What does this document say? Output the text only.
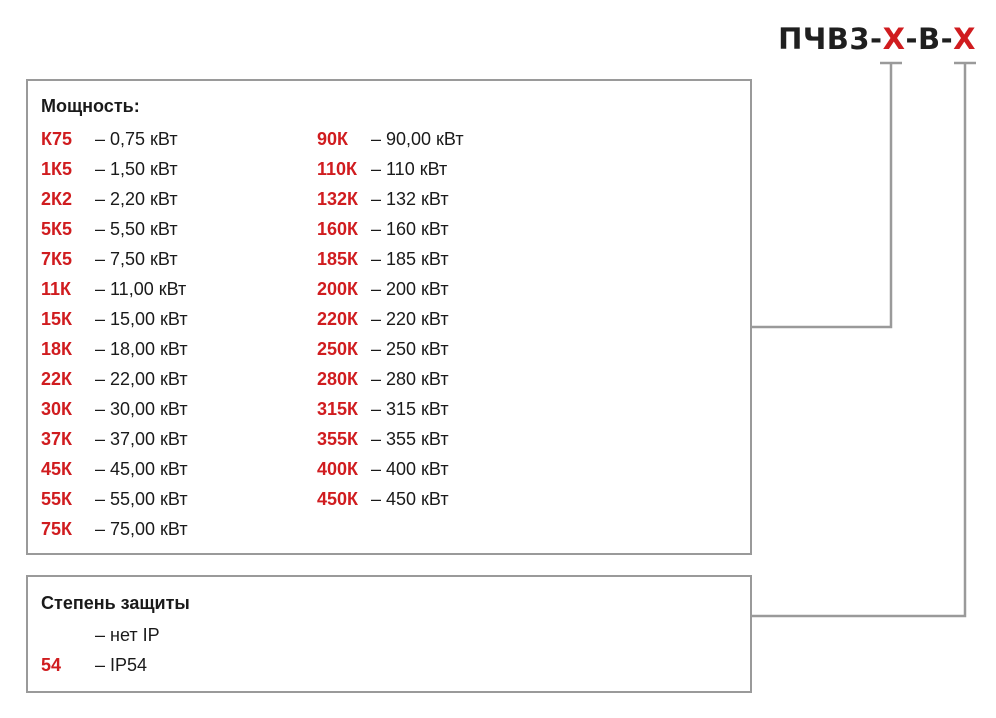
ПЧВ3-Х-В-Х
Мощность:
К75	– 0,75 кВт
1К5	– 1,50 кВт
2К2	– 2,20 кВт
5К5	– 5,50 кВт
7К5	– 7,50 кВт
11К	– 11,00 кВт
15К	– 15,00 кВт
18К	– 18,00 кВт
22К	– 22,00 кВт
30К	– 30,00 кВт
37К	– 37,00 кВт
45К	– 45,00 кВт
55К	– 55,00 кВт
75К	– 75,00 кВт
90К	– 90,00 кВт
110К – 110 кВт
132К – 132 кВт
160К – 160 кВт
185К – 185 кВт
200К – 200 кВт
220К – 220 кВт
250К – 250 кВт
280К – 280 кВт
315К – 315 кВт
355К – 355 кВт
400К – 400 кВт
450К – 450 кВт
Степень защиты
– нет IP
54	– IP54
